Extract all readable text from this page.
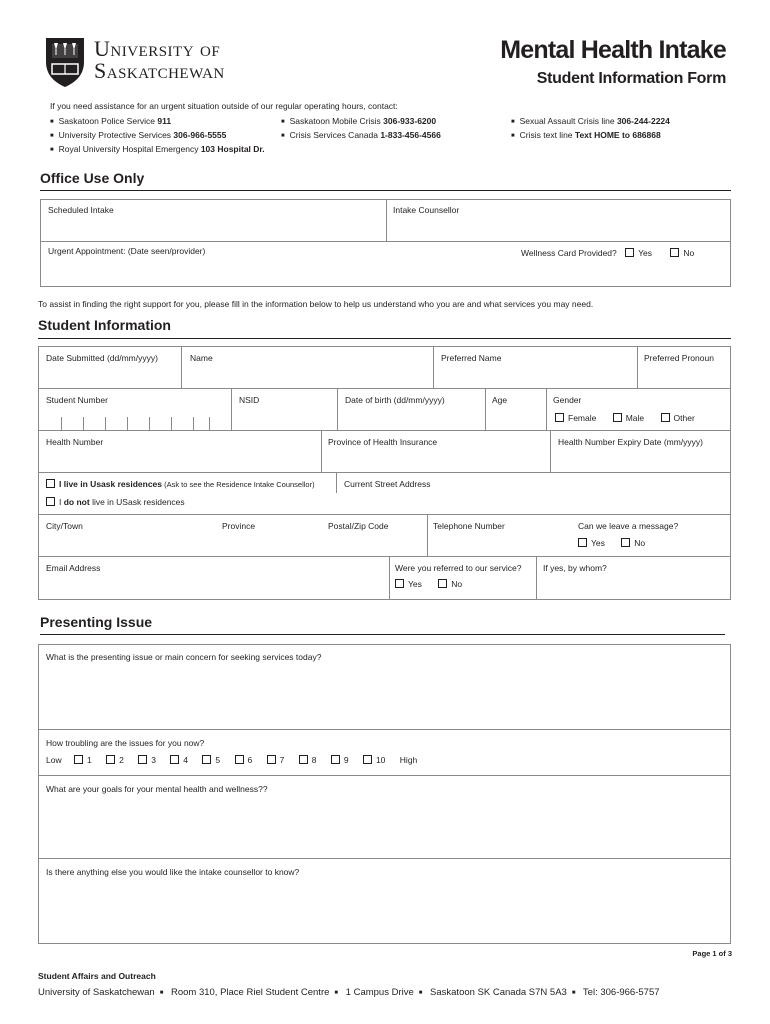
University of
Saskatchewan
Mental Health Intake
Student Information Form
If you need assistance for an urgent situation outside of our regular operating hours, contact:
■ Saskatoon Police Service 911
■ University Protective Services 306-966-5555
■ Royal University Hospital Emergency 103 Hospital Dr.
■ Saskatoon Mobile Crisis 306-933-6200
■ Crisis Services Canada 1-833-456-4566
■ Sexual Assault Crisis line 306-244-2224
■ Crisis text line Text HOME to 686868
Office Use Only
Scheduled Intake	Intake Counsellor
Urgent Appointment: (Date seen/provider)	Wellness Card Provided?	Yes	No
To assist in finding the right support for you, please fill in the information below to help us understand who you are and what services you may need.
Student Information
Date Submitted (dd/mm/yyyy)	Name	Preferred Name	Preferred Pronoun
Student Number	NSID	Date of birth (dd/mm/yyyy)	Age	Gender
Female	Male	Other
Health Number	Province of Health Insurance	Health Number Expiry Date (mm/yyyy)
I live in Usask residences (Ask to see the Residence Intake Counsellor)
I do not live in USask residences
Current Street Address
City/Town	Province	Postal/Zip Code	Telephone Number	Can we leave a message?
Yes	No
Email Address	Were you referred to our service?
Yes	No
If yes, by whom?
Presenting Issue
What is the presenting issue or main concern for seeking services today?
How troubling are the issues for you now?
Low	1	2	3	4	5	6	7	8	9	10 High
What are your goals for your mental health and wellness??
Is there anything else you would like the intake counsellor to know?
Page 1 of 3
Student Affairs and Outreach
University of Saskatchewan ■ Room 310, Place Riel Student Centre ■ 1 Campus Drive ■ Saskatoon SK Canada S7N 5A3 ■ Tel: 306-966-5757
